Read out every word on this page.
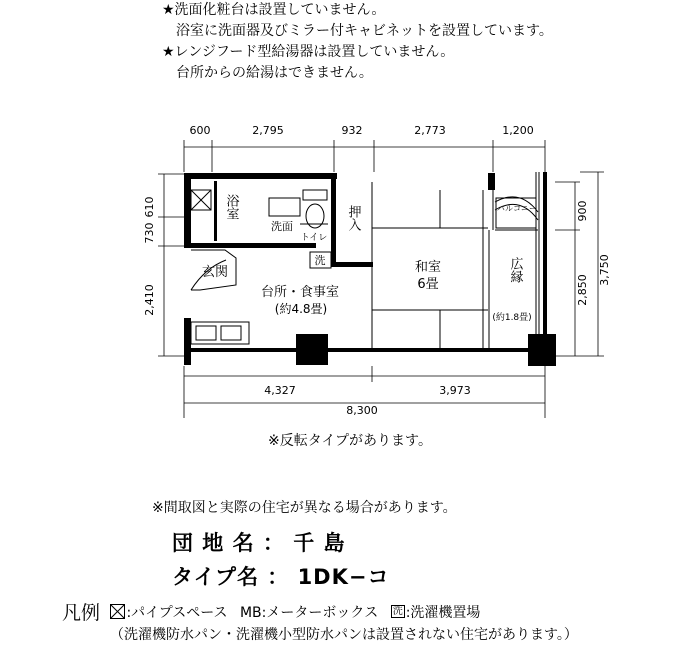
★洗面化粧台は設置していません。
浴室に洗面器及びミラー付キャビネットを設置しています。
★レンジフード型給湯器は設置していません。
台所からの給湯はできません。
600	2,795	932	2,773	1,200
610
730
2,410
900
2,850
3,750
4,327	3,973
8,300
浴室
洗面
トイレ
押入
洗
玄関
台所・食事室
(約4.8畳)
和室
6畳
広縁
(約1.8畳)
バルコニー
※反転タイプがあります。
※間取図と実際の住宅が異なる場合があります。
団 地 名 ： 千 島
タイプ名 ： 1DK−コ
凡例 :パイプスペース MB:メーターボックス 洗 :洗濯機置場
（洗濯機防水パン・洗濯機小型防水パンは設置されない住宅があります。）
